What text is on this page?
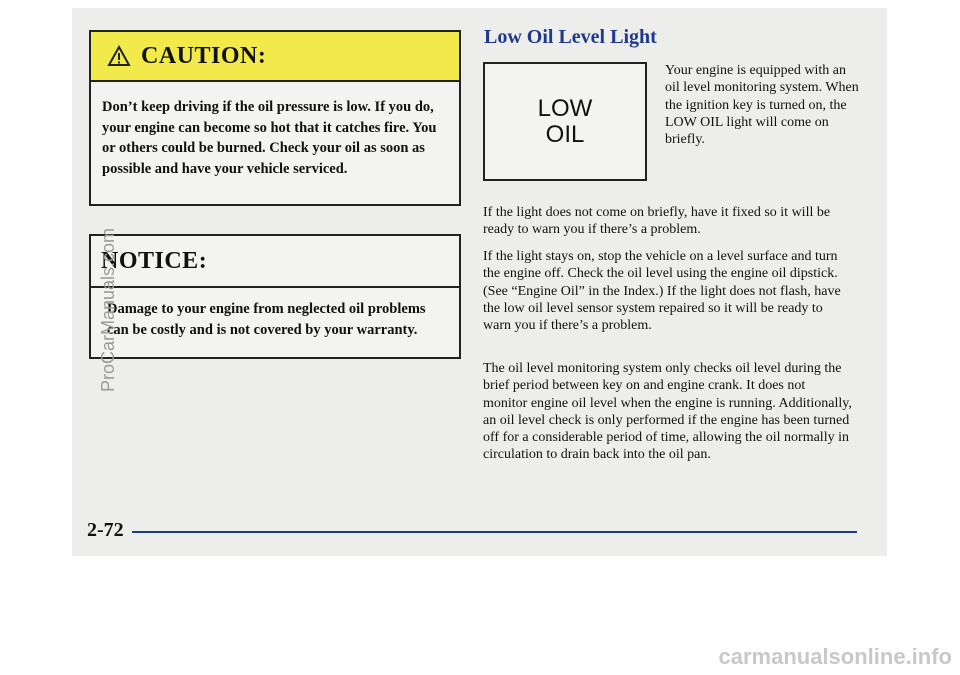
CAUTION:
Don’t keep driving if the oil pressure is low. If you do, your engine can become so hot that it catches fire. You or others could be burned. Check your oil as soon as possible and have your vehicle serviced.
NOTICE:
Damage to your engine from neglected oil problems can be costly and is not covered by your warranty.
Low Oil Level Light
LOW
OIL
Your engine is equipped with an oil level monitoring system. When the ignition key is turned on, the LOW OIL light will come on briefly.

If the light does not come on briefly, have it fixed so it will be ready to warn you if there’s a problem.

If the light stays on, stop the vehicle on a level surface and turn the engine off. Check the oil level using the engine oil dipstick. (See “Engine Oil” in the Index.) If the light does not flash, have the low oil level sensor system repaired so it will be ready to warn you if there’s a problem.

The oil level monitoring system only checks oil level during the brief period between key on and engine crank. It does not monitor engine oil level when the engine is running. Additionally, an oil level check is only performed if the engine has been turned off for a considerable period of time, allowing the oil normally in circulation to drain back into the oil pan.

2-72
ProCarManuals.com
carmanualsonline.info
